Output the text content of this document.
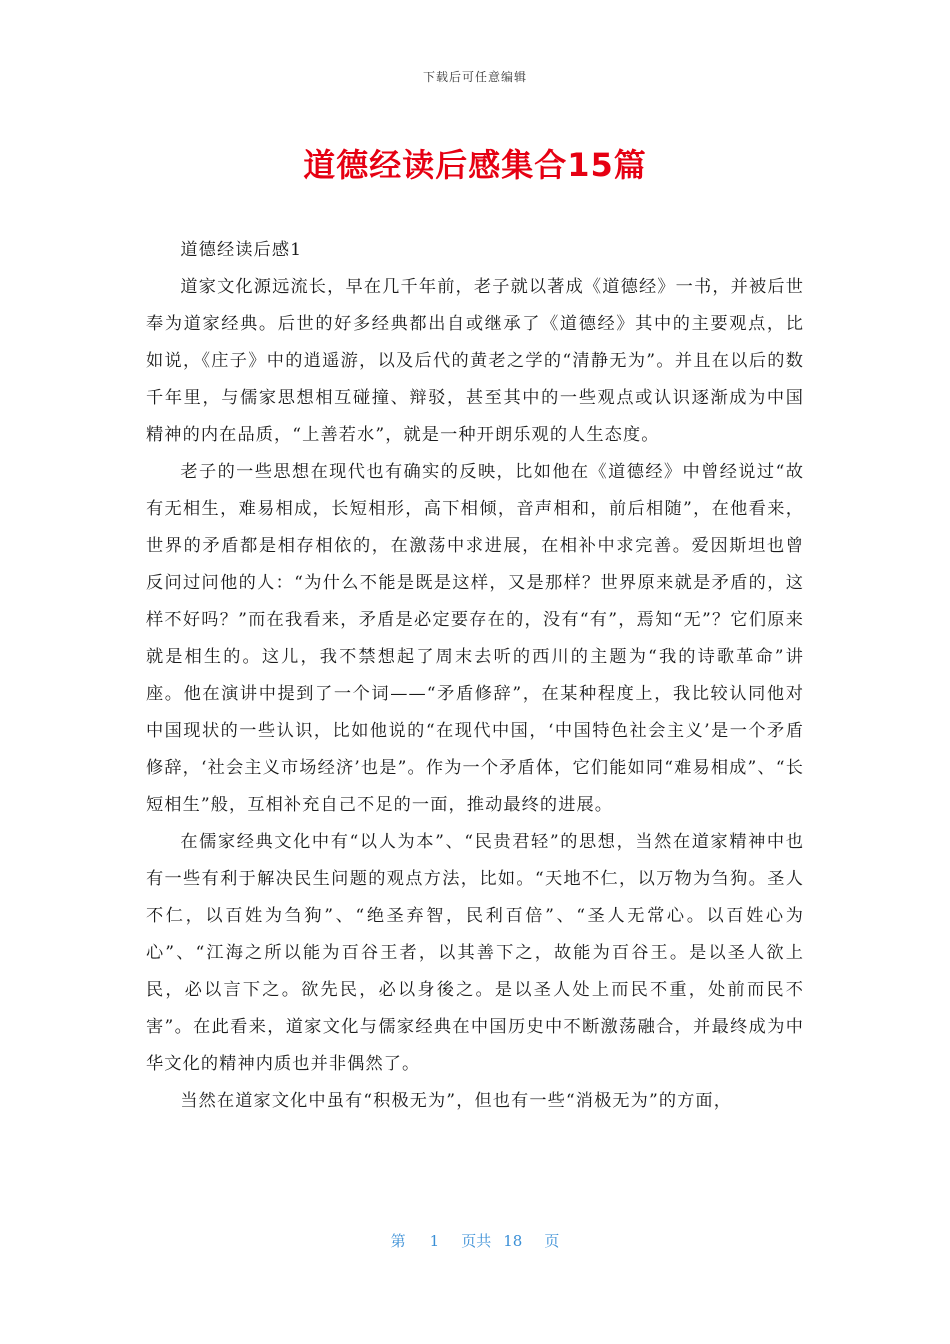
下载后可任意编辑
道德经读后感集合15篇

道德经读后感1

道家文化源远流长，早在几千年前，老子就以著成《道德经》一书，并被后世奉为道家经典。后世的好多经典都出自或继承了《道德经》其中的主要观点，比如说，《庄子》中的逍遥游，以及后代的黄老之学的“清静无为”。并且在以后的数千年里，与儒家思想相互碰撞、辩驳，甚至其中的一些观点或认识逐渐成为中国精神的内在品质，“上善若水”，就是一种开朗乐观的人生态度。

老子的一些思想在现代也有确实的反映，比如他在《道德经》中曾经说过“故有无相生，难易相成，长短相形，高下相倾，音声相和，前后相随”，在他看来，世界的矛盾都是相存相依的，在激荡中求进展，在相补中求完善。爱因斯坦也曾反问过问他的人：“为什么不能是既是这样，又是那样？世界原来就是矛盾的，这样不好吗？”而在我看来，矛盾是必定要存在的，没有“有”，焉知“无”？它们原来就是相生的。这儿，我不禁想起了周末去听的西川的主题为“我的诗歌革命”讲座。他在演讲中提到了一个词——“矛盾修辞”，在某种程度上，我比较认同他对中国现状的一些认识，比如他说的“在现代中国，‘中国特色社会主义’是一个矛盾修辞，‘社会主义市场经济’也是”。作为一个矛盾体，它们能如同“难易相成”、“长短相生”般，互相补充自己不足的一面，推动最终的进展。

在儒家经典文化中有“以人为本”、“民贵君轻”的思想，当然在道家精神中也有一些有利于解决民生问题的观点方法，比如。“天地不仁，以万物为刍狗。圣人不仁，以百姓为刍狗”、“绝圣弃智，民利百倍”、“圣人无常心。以百姓心为心”、“江海之所以能为百谷王者，以其善下之，故能为百谷王。是以圣人欲上民，必以言下之。欲先民，必以身後之。是以圣人处上而民不重，处前而民不害”。在此看来，道家文化与儒家经典在中国历史中不断激荡融合，并最终成为中华文化的精神内质也并非偶然了。

当然在道家文化中虽有“积极无为”，但也有一些“消极无为”的方面，

第 1 页共 18 页
